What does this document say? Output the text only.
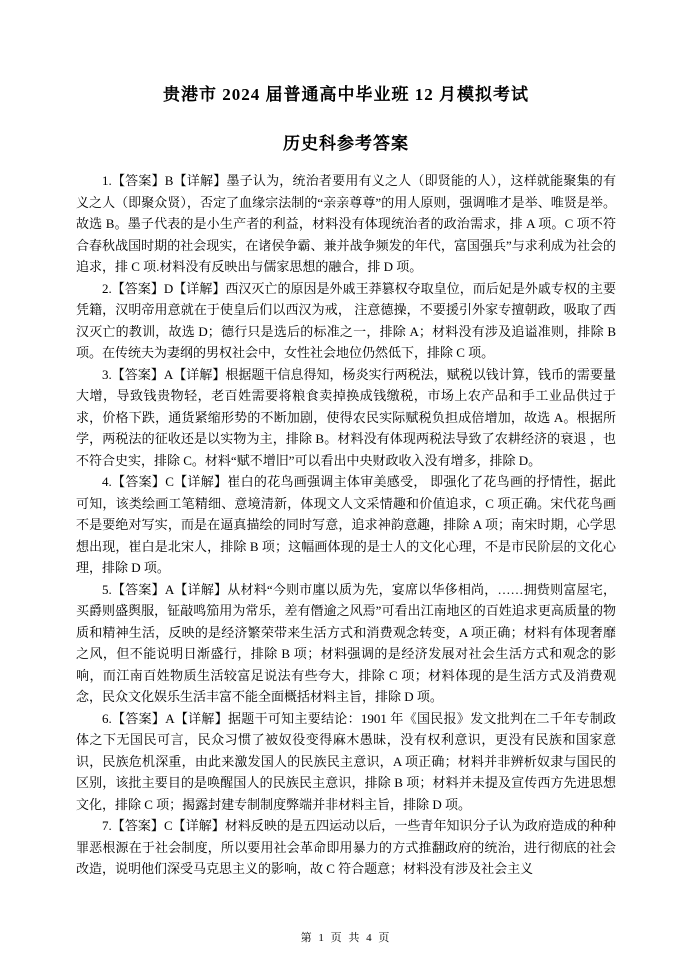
贵港市 2024 届普通高中毕业班 12 月模拟考试
历史科参考答案

1.【答案】B【详解】墨子认为，统治者要用有义之人（即贤能的人），这样就能聚集的有义之人（即聚众贤），否定了血缘宗法制的“亲亲尊尊”的用人原则，强调唯才是举、唯贤是举。故选 B。墨子代表的是小生产者的利益，材料没有体现统治者的政治需求，排 A 项。C 项不符合春秋战国时期的社会现实，在诸侯争霸、兼并战争频发的年代，富国强兵”与求利成为社会的追求，排 C 项.材料没有反映出与儒家思想的融合，排 D 项。

2.【答案】D【详解】西汉灭亡的原因是外戚王莽篡权夺取皇位，而后妃是外戚专权的主要凭籍，汉明帝用意就在于使皇后们以西汉为戒， 注意德操，不要援引外家专擅朝政，吸取了西汉灭亡的教训，故选 D；德行只是选后的标准之一，排除 A；材料没有涉及追谥准则，排除 B 项。在传统夫为妻纲的男权社会中，女性社会地位仍然低下，排除 C 项。

3.【答案】A【详解】根据题干信息得知，杨炎实行两税法，赋税以钱计算，钱币的需要量大增，导致钱贵物轻，老百姓需要将粮食卖掉换成钱缴税，市场上农产品和手工业品供过于求，价格下跌，通货紧缩形势的不断加剧，使得农民实际赋税负担成倍增加，故选 A。根据所学，两税法的征收还是以实物为主，排除 B。材料没有体现两税法导致了农耕经济的衰退 ，也不符合史实，排除 C。材料“赋不增旧”可以看出中央财政收入没有增多，排除 D。

4.【答案】C【详解】崔白的花鸟画强调主体审美感受， 即强化了花鸟画的抒情性，据此可知，该类绘画工笔精细、意境清新，体现文人文采情趣和价值追求，C 项正确。宋代花鸟画不是要绝对写实，而是在逼真描绘的同时写意，追求神韵意趣，排除 A 项；南宋时期，心学思想出现，崔白是北宋人，排除 B 项；这幅画体现的是士人的文化心理，不是市民阶层的文化心理，排除 D 项。

5.【答案】A【详解】从材料“今则市廛以质为先，宴席以华侈相尚，……拥赀则富屋宅，买爵则盛舆服，钲敲鸣笳用为常乐，差有僭逾之风焉”可看出江南地区的百姓追求更高质量的物质和精神生活，反映的是经济繁荣带来生活方式和消费观念转变，A 项正确；材料有体现奢靡之风，但不能说明日渐盛行，排除 B 项；材料强调的是经济发展对社会生活方式和观念的影响，而江南百姓物质生活较富足说法有些夸大，排除 C 项；材料体现的是生活方式及消费观念，民众文化娱乐生活丰富不能全面概括材料主旨，排除 D 项。

6.【答案】A【详解】据题干可知主要结论：1901 年《国民报》发文批判在二千年专制政体之下无国民可言，民众习惯了被奴役变得麻木愚昧，没有权利意识，更没有民族和国家意识，民族危机深重，由此来激发国人的民族民主意识，A 项正确；材料并非辨析奴隶与国民的区别，该批主要目的是唤醒国人的民族民主意识，排除 B 项；材料并未提及宣传西方先进思想文化，排除 C 项；揭露封建专制制度弊端并非材料主旨，排除 D 项。

7.【答案】C【详解】材料反映的是五四运动以后，一些青年知识分子认为政府造成的种种罪恶根源在于社会制度，所以要用社会革命即用暴力的方式推翻政府的统治，进行彻底的社会改造，说明他们深受马克思主义的影响，故 C 符合题意；材料没有涉及社会主义

第 1 页 共 4 页
